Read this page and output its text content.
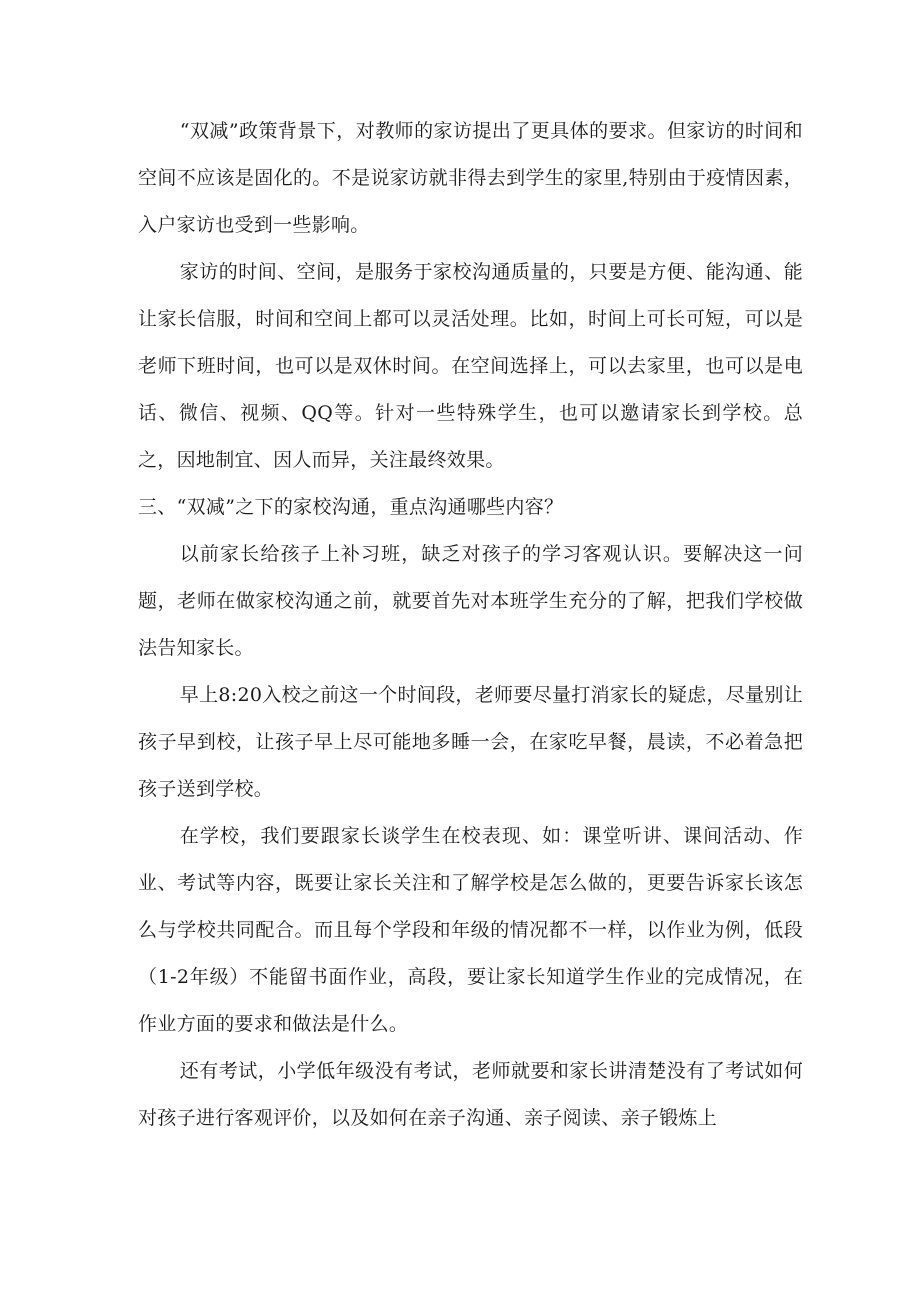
“双减”政策背景下，对教师的家访提出了更具体的要求。但家访的时间和空间不应该是固化的。不是说家访就非得去到学生的家里,特别由于疫情因素，入户家访也受到一些影响。

家访的时间、空间，是服务于家校沟通质量的，只要是方便、能沟通、能让家长信服，时间和空间上都可以灵活处理。比如，时间上可长可短，可以是老师下班时间，也可以是双休时间。在空间选择上，可以去家里，也可以是电话、微信、视频、QQ等。针对一些特殊学生，也可以邀请家长到学校。总之，因地制宜、因人而异，关注最终效果。

三、“双减”之下的家校沟通，重点沟通哪些内容？

以前家长给孩子上补习班，缺乏对孩子的学习客观认识。要解决这一问题，老师在做家校沟通之前，就要首先对本班学生充分的了解，把我们学校做法告知家长。

早上8:20入校之前这一个时间段，老师要尽量打消家长的疑虑，尽量别让孩子早到校，让孩子早上尽可能地多睡一会，在家吃早餐，晨读，不必着急把孩子送到学校。

在学校，我们要跟家长谈学生在校表现、如：课堂听讲、课间活动、作业、考试等内容，既要让家长关注和了解学校是怎么做的，更要告诉家长该怎么与学校共同配合。而且每个学段和年级的情况都不一样，以作业为例，低段（1-2年级）不能留书面作业，高段，要让家长知道学生作业的完成情况，在作业方面的要求和做法是什么。

还有考试，小学低年级没有考试，老师就要和家长讲清楚没有了考试如何对孩子进行客观评价，以及如何在亲子沟通、亲子阅读、亲子锻炼上
